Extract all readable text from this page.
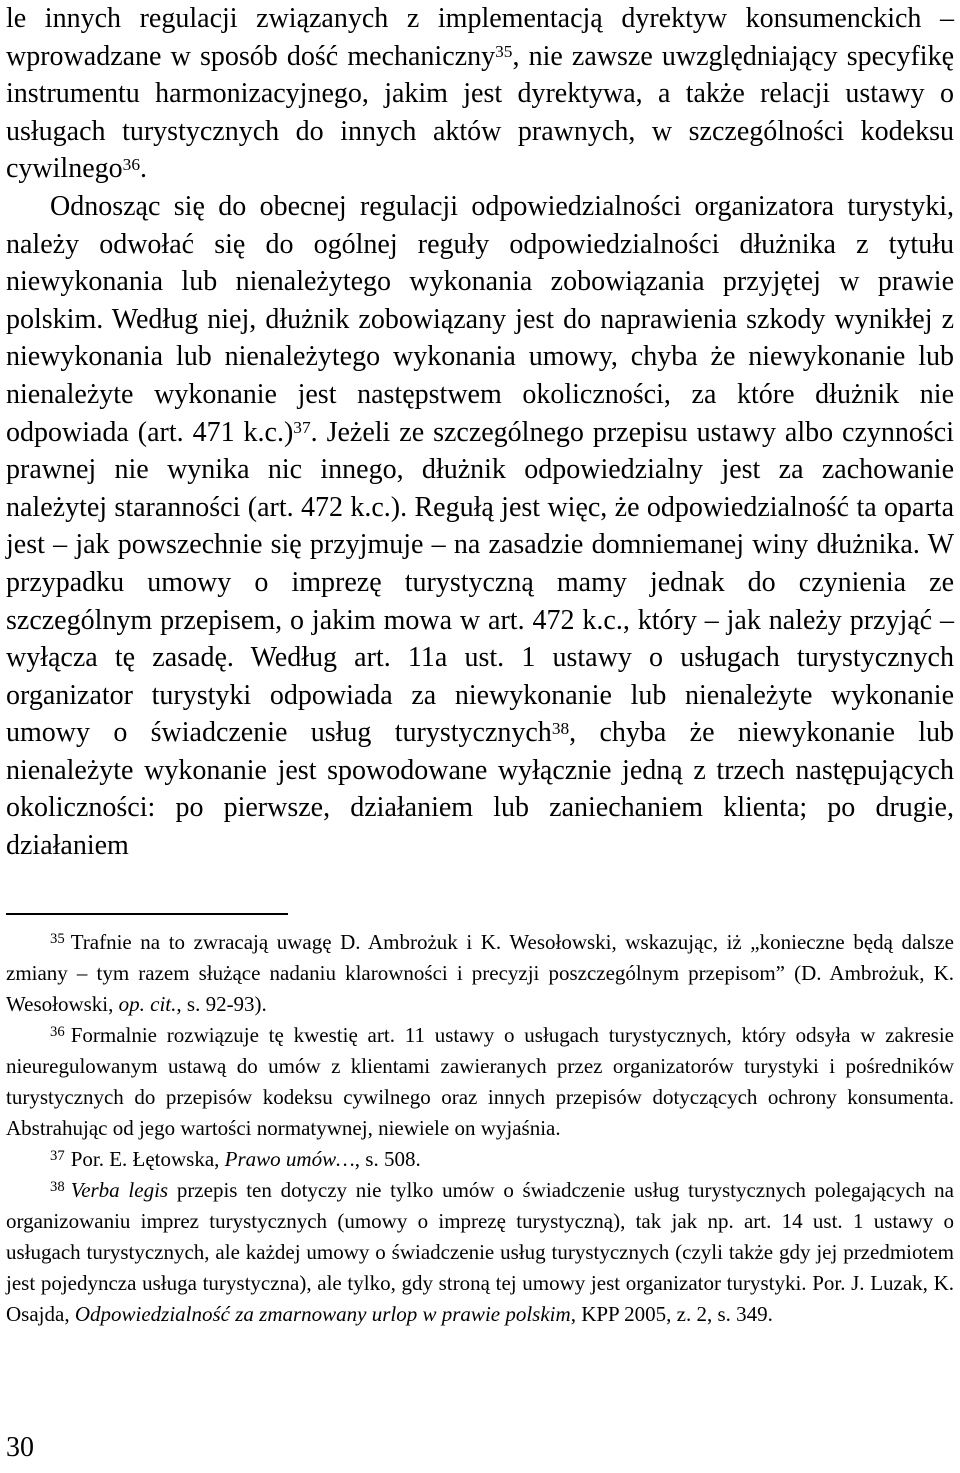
le innych regulacji związanych z implementacją dyrektyw konsumenckich – wprowadzane w sposób dość mechaniczny$^{35}$, nie zawsze uwzględniający specyfikę instrumentu harmonizacyjnego, jakim jest dyrektywa, a także relacji ustawy o usługach turystycznych do innych aktów prawnych, w szczególności kodeksu cywilnego$^{36}$.

Odnosząc się do obecnej regulacji odpowiedzialności organizatora turystyki, należy odwołać się do ogólnej reguły odpowiedzialności dłużnika z tytułu niewykonania lub nienależytego wykonania zobowiązania przyjętej w prawie polskim. Według niej, dłużnik zobowiązany jest do naprawienia szkody wynikłej z niewykonania lub nienależytego wykonania umowy, chyba że niewykonanie lub nienależyte wykonanie jest następstwem okoliczności, za które dłużnik nie odpowiada (art. 471 k.c.)$^{37}$. Jeżeli ze szczególnego przepisu ustawy albo czynności prawnej nie wynika nic innego, dłużnik odpowiedzialny jest za zachowanie należytej staranności (art. 472 k.c.). Regułą jest więc, że odpowiedzialność ta oparta jest – jak powszechnie się przyjmuje – na zasadzie domniemanej winy dłużnika. W przypadku umowy o imprezę turystyczną mamy jednak do czynienia ze szczególnym przepisem, o jakim mowa w art. 472 k.c., który – jak należy przyjąć – wyłącza tę zasadę. Według art. 11a ust. 1 ustawy o usługach turystycznych organizator turystyki odpowiada za niewykonanie lub nienależyte wykonanie umowy o świadczenie usług turystycznych$^{38}$, chyba że niewykonanie lub nienależyte wykonanie jest spowodowane wyłącznie jedną z trzech następujących okoliczności: po pierwsze, działaniem lub zaniechaniem klienta; po drugie, działaniem

$^{35}$ Trafnie na to zwracają uwagę D. Ambrożuk i K. Wesołowski, wskazując, iż „konieczne będą dalsze zmiany – tym razem służące nadaniu klarowności i precyzji poszczególnym przepisom” (D. Ambrożuk, K. Wesołowski, op. cit., s. 92-93).

$^{36}$ Formalnie rozwiązuje tę kwestię art. 11 ustawy o usługach turystycznych, który odsyła w zakresie nieuregulowanym ustawą do umów z klientami zawieranych przez organizatorów turystyki i pośredników turystycznych do przepisów kodeksu cywilnego oraz innych przepisów dotyczących ochrony konsumenta. Abstrahując od jego wartości normatywnej, niewiele on wyjaśnia.

$^{37}$ Por. E. Łętowska, Prawo umów…, s. 508.

$^{38}$ Verba legis przepis ten dotyczy nie tylko umów o świadczenie usług turystycznych polegających na organizowaniu imprez turystycznych (umowy o imprezę turystyczną), tak jak np. art. 14 ust. 1 ustawy o usługach turystycznych, ale każdej umowy o świadczenie usług turystycznych (czyli także gdy jej przedmiotem jest pojedyncza usługa turystyczna), ale tylko, gdy stroną tej umowy jest organizator turystyki. Por. J. Luzak, K. Osajda, Odpowiedzialność za zmarnowany urlop w prawie polskim, KPP 2005, z. 2, s. 349.

30
